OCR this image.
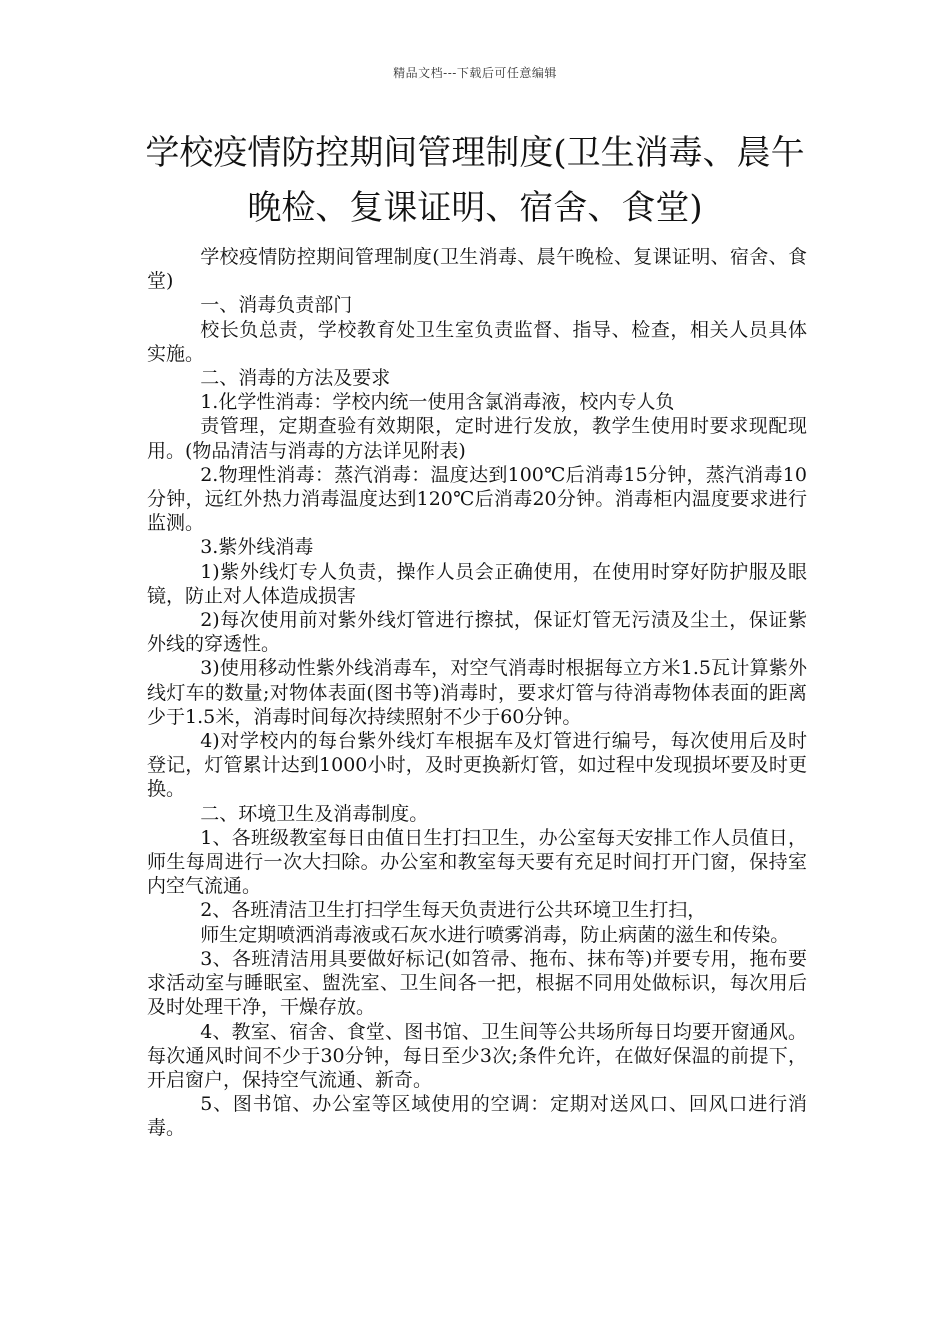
精品文档---下载后可任意编辑
学校疫情防控期间管理制度(卫生消毒、晨午晚检、复课证明、宿舍、食堂)

学校疫情防控期间管理制度(卫生消毒、晨午晚检、复课证明、宿舍、食堂)

一、消毒负责部门

校长负总责，学校教育处卫生室负责监督、指导、检查，相关人员具体实施。

二、消毒的方法及要求

1.化学性消毒：学校内统一使用含氯消毒液，校内专人负

责管理，定期查验有效期限，定时进行发放，教学生使用时要求现配现用。(物品清洁与消毒的方法详见附表)

2.物理性消毒：蒸汽消毒：温度达到100℃后消毒15分钟，蒸汽消毒10分钟，远红外热力消毒温度达到120℃后消毒20分钟。消毒柜内温度要求进行监测。

3.紫外线消毒

1)紫外线灯专人负责，操作人员会正确使用，在使用时穿好防护服及眼镜，防止对人体造成损害

2)每次使用前对紫外线灯管进行擦拭，保证灯管无污渍及尘土，保证紫外线的穿透性。

3)使用移动性紫外线消毒车，对空气消毒时根据每立方米1.5瓦计算紫外线灯车的数量;对物体表面(图书等)消毒时，要求灯管与待消毒物体表面的距离少于1.5米，消毒时间每次持续照射不少于60分钟。

4)对学校内的每台紫外线灯车根据车及灯管进行编号，每次使用后及时登记，灯管累计达到1000小时，及时更换新灯管，如过程中发现损坏要及时更换。

二、环境卫生及消毒制度。

1、各班级教室每日由值日生打扫卫生，办公室每天安排工作人员值日，师生每周进行一次大扫除。办公室和教室每天要有充足时间打开门窗，保持室内空气流通。

2、各班清洁卫生打扫学生每天负责进行公共环境卫生打扫，

师生定期喷洒消毒液或石灰水进行喷雾消毒，防止病菌的滋生和传染。

3、各班清洁用具要做好标记(如笤帚、拖布、抹布等)并要专用，拖布要求活动室与睡眠室、盥洗室、卫生间各一把，根据不同用处做标识，每次用后及时处理干净，干燥存放。

4、教室、宿舍、食堂、图书馆、卫生间等公共场所每日均要开窗通风。每次通风时间不少于30分钟，每日至少3次;条件允许，在做好保温的前提下，开启窗户，保持空气流通、新奇。

5、图书馆、办公室等区域使用的空调：定期对送风口、回风口进行消毒。
